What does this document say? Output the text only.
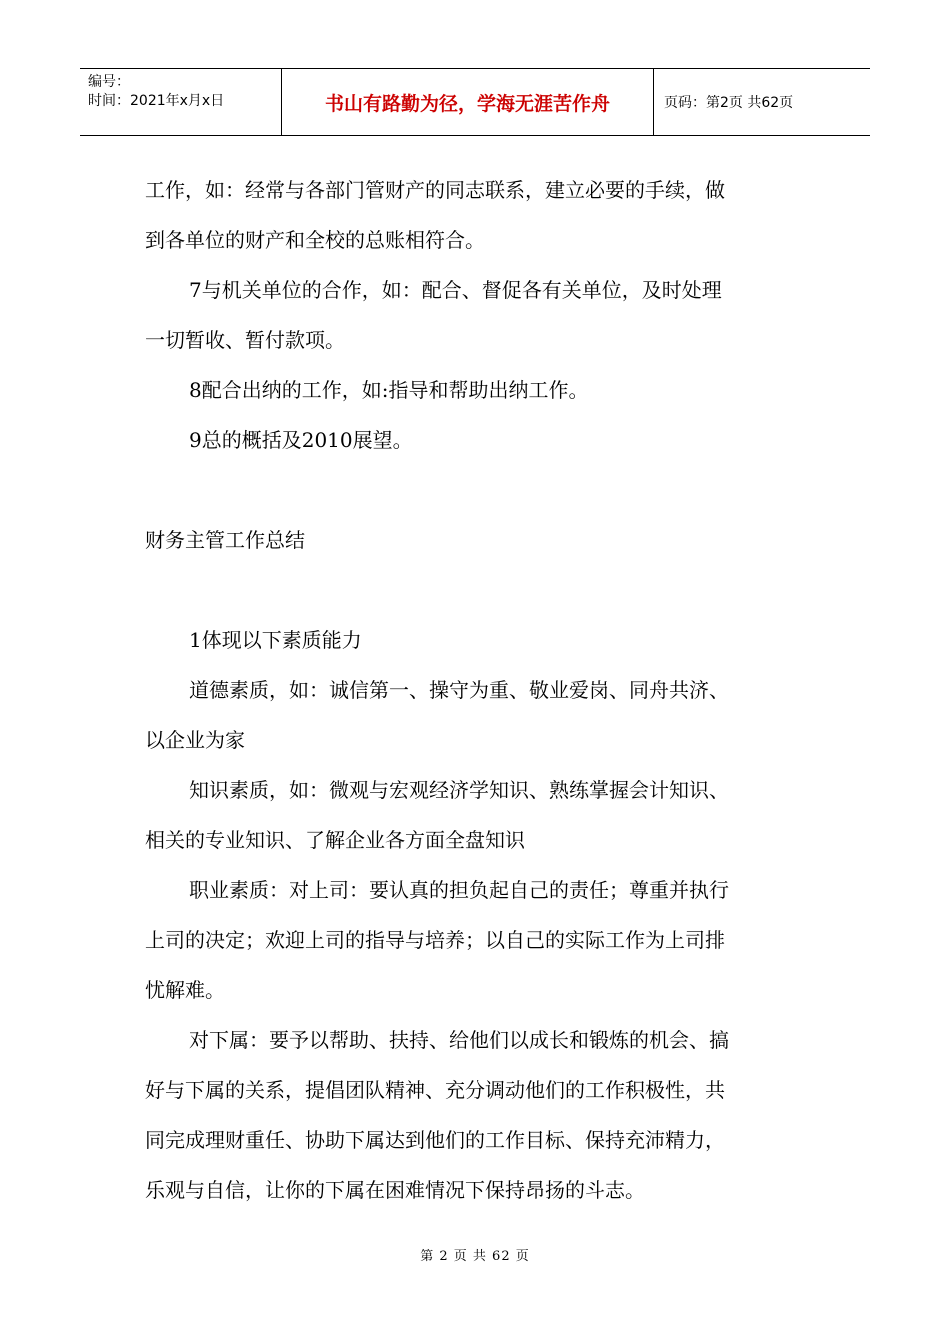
编号：
时间：2021年x月x日	书山有路勤为径，学海无涯苦作舟	页码：第2页 共62页
工作，如：经常与各部门管财产的同志联系，建立必要的手续，做
到各单位的财产和全校的总账相符合。
7与机关单位的合作，如：配合、督促各有关单位，及时处理
一切暂收、暂付款项。
8配合出纳的工作，如:指导和帮助出纳工作。
9总的概括及2010展望。
财务主管工作总结
1体现以下素质能力
道德素质，如：诚信第一、操守为重、敬业爱岗、同舟共济、
以企业为家
知识素质，如：微观与宏观经济学知识、熟练掌握会计知识、
相关的专业知识、了解企业各方面全盘知识
职业素质：对上司：要认真的担负起自己的责任；尊重并执行
上司的决定；欢迎上司的指导与培养；以自己的实际工作为上司排
忧解难。
对下属：要予以帮助、扶持、给他们以成长和锻炼的机会、搞
好与下属的关系，提倡团队精神、充分调动他们的工作积极性，共
同完成理财重任、协助下属达到他们的工作目标、保持充沛精力，
乐观与自信，让你的下属在困难情况下保持昂扬的斗志。
第 2 页 共 62 页
